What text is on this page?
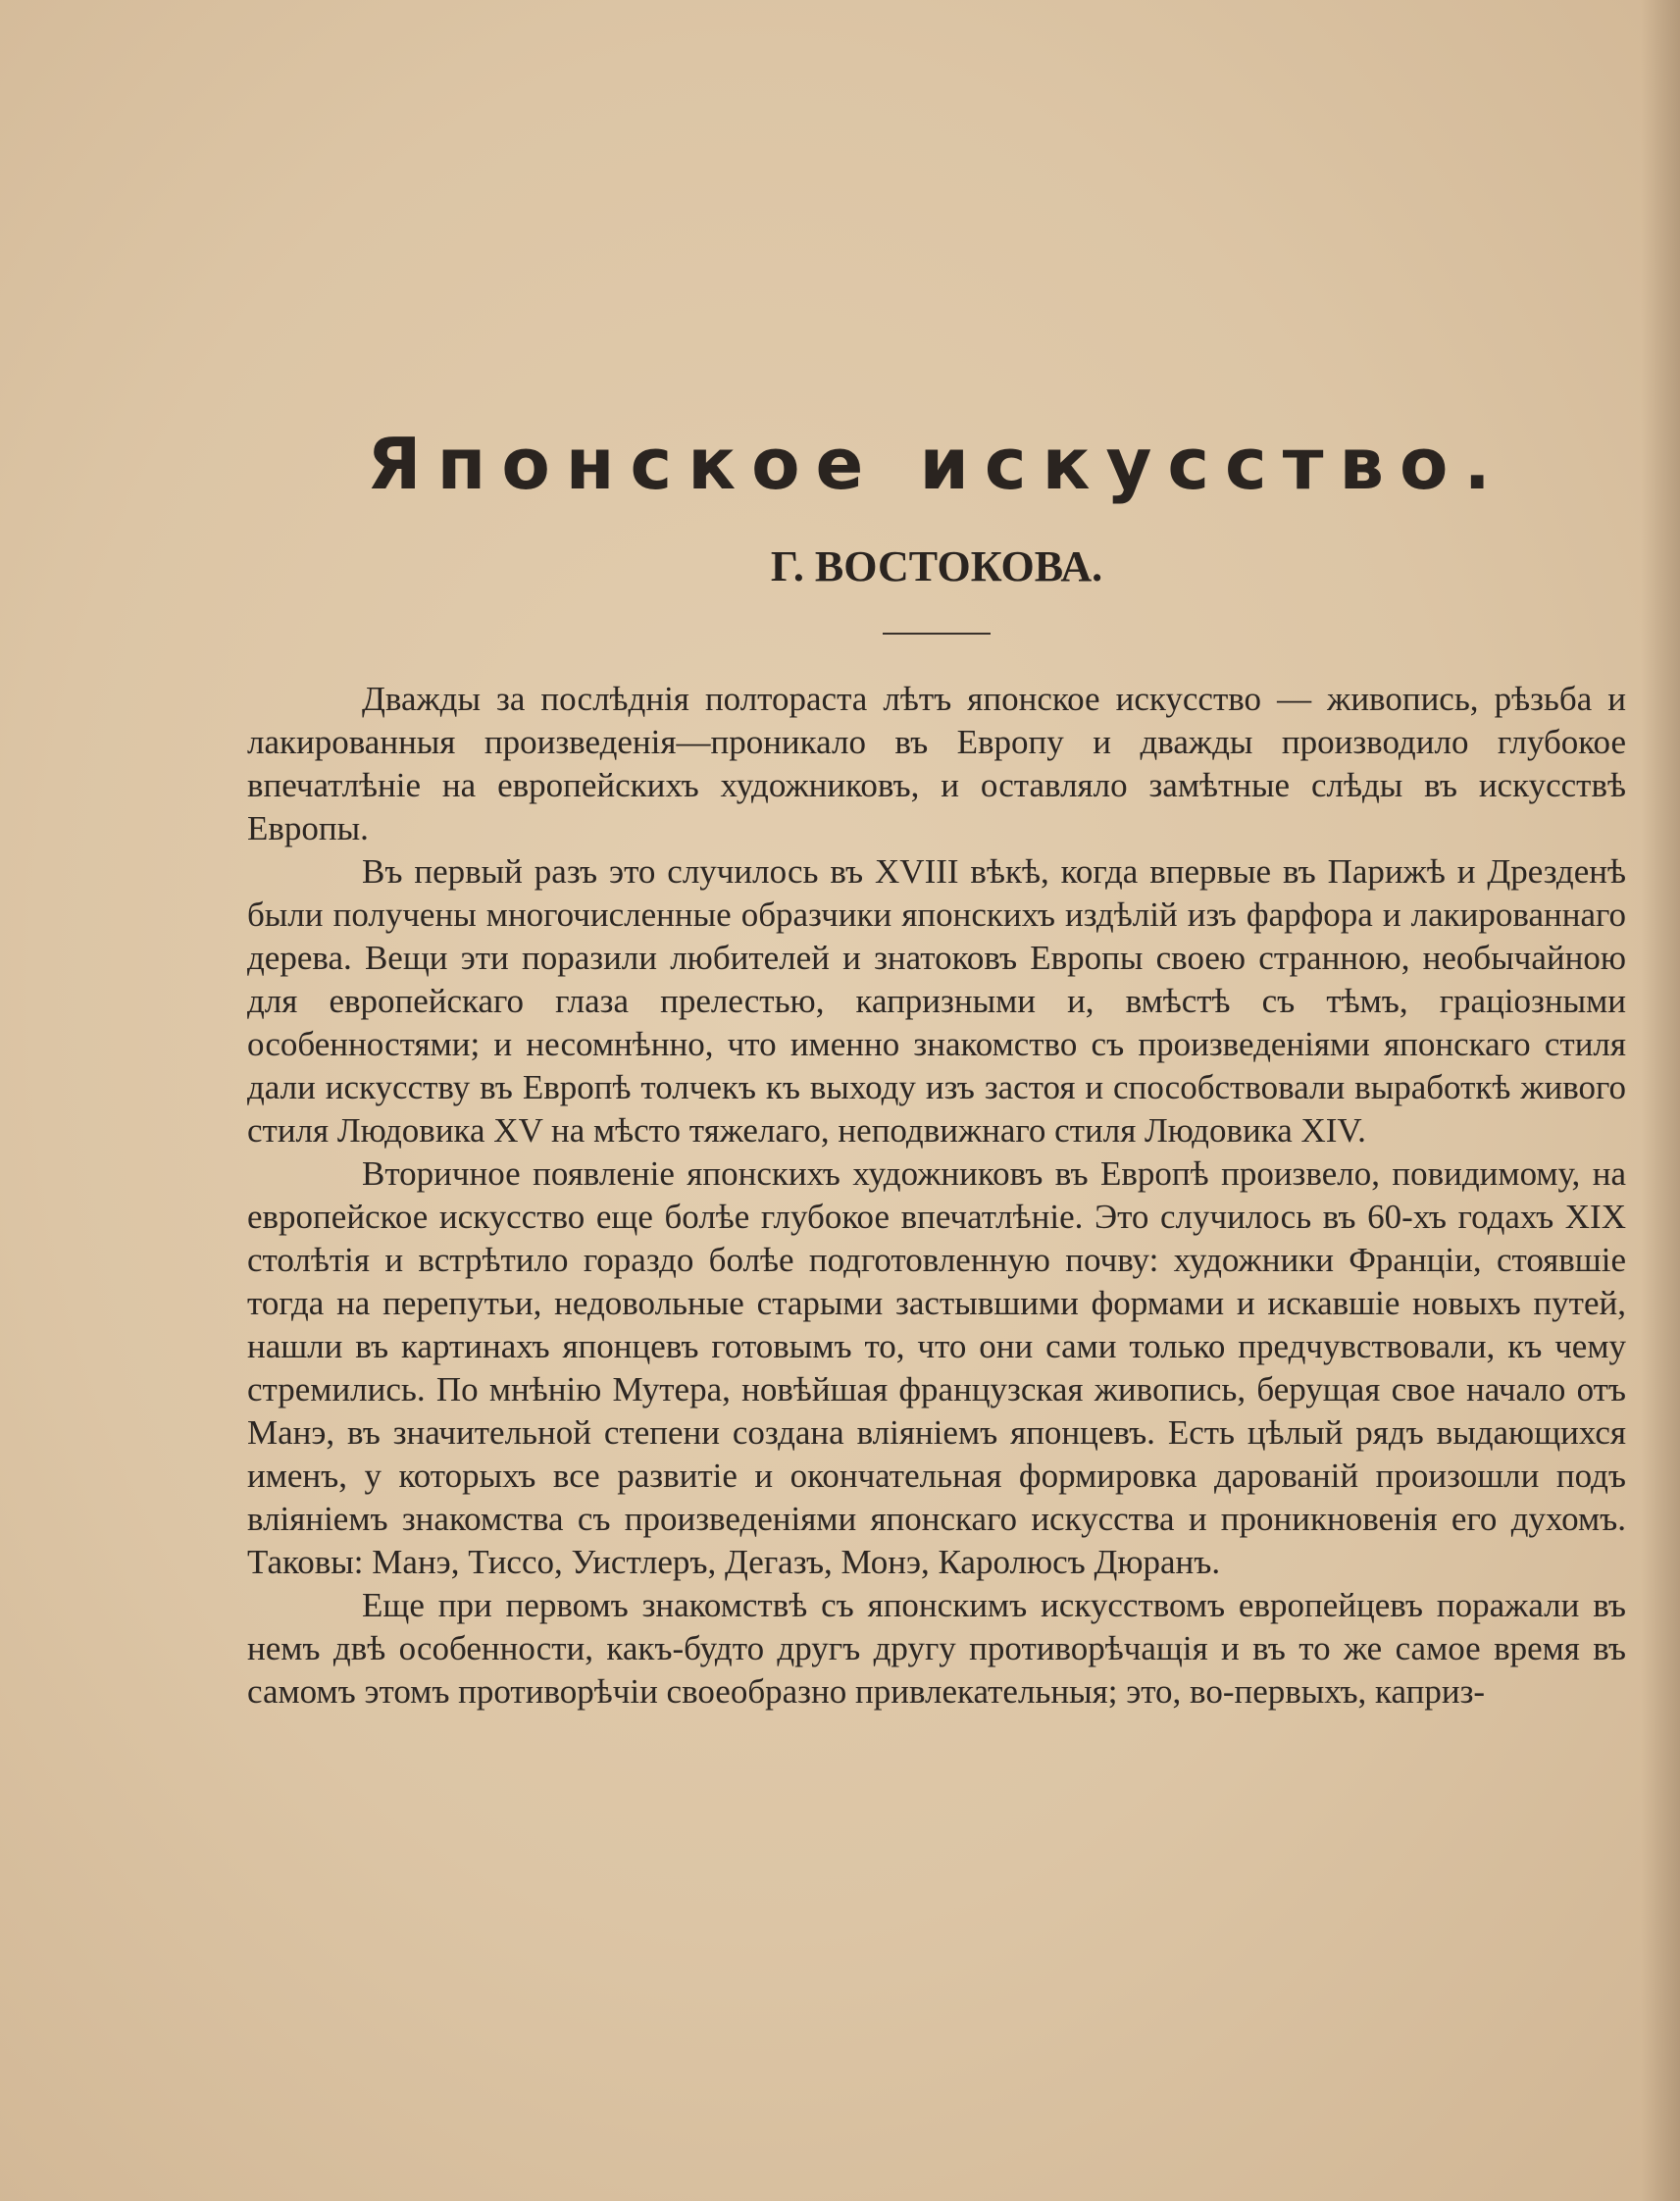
Японское искусство.
Г. ВОСТОКОВА.

Дважды за послѣднія полтораста лѣтъ японское искусство — живопись, рѣзьба и лакированныя произведенія—проникало въ Европу и дважды производило глубокое впечатлѣніе на европейскихъ художниковъ, и оставляло замѣтные слѣды въ искусствѣ Европы.

Въ первый разъ это случилось въ XVIII вѣкѣ, когда впервые въ Парижѣ и Дрезденѣ были получены многочисленные образчики японскихъ издѣлій изъ фарфора и лакированнаго дерева. Вещи эти поразили любителей и знатоковъ Европы своею странною, необычайною для европейскаго глаза прелестью, капризными и, вмѣстѣ съ тѣмъ, граціозными особенностями; и несомнѣнно, что именно знакомство съ произведеніями японскаго стиля дали искусству въ Европѣ толчекъ къ выходу изъ застоя и способствовали выработкѣ живого стиля Людовика XV на мѣсто тяжелаго, неподвижнаго стиля Людовика XIV.

Вторичное появленіе японскихъ художниковъ въ Европѣ произвело, повидимому, на европейское искусство еще болѣе глубокое впечатлѣніе. Это случилось въ 60-хъ годахъ XIX столѣтія и встрѣтило гораздо болѣе подготовленную почву: художники Франціи, стоявшіе тогда на перепутьи, недовольные старыми застывшими формами и искавшіе новыхъ путей, нашли въ картинахъ японцевъ готовымъ то, что они сами только предчувствовали, къ чему стремились. По мнѣнію Мутера, новѣйшая французская живопись, берущая свое начало отъ Манэ, въ значительной степени создана вліяніемъ японцевъ. Есть цѣлый рядъ выдающихся именъ, у которыхъ все развитіе и окончательная формировка дарованій произошли подъ вліяніемъ знакомства съ произведеніями японскаго искусства и проникновенія его духомъ. Таковы: Манэ, Тиссо, Уистлеръ, Дегазъ, Монэ, Каролюсъ Дюранъ.

Еще при первомъ знакомствѣ съ японскимъ искусствомъ европейцевъ поражали въ немъ двѣ особенности, какъ-будто другъ другу противорѣчащія и въ то же самое время въ самомъ этомъ противорѣчіи своеобразно привлекательныя; это, во-первыхъ, каприз-
